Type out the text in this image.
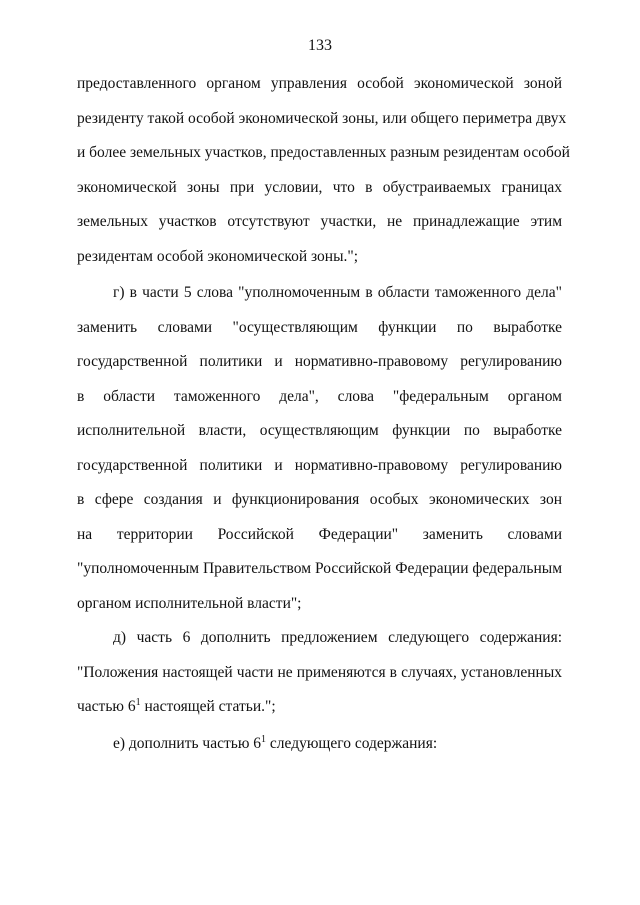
133
предоставленного органом управления особой экономической зоной
резиденту такой особой экономической зоны, или общего периметра двух
и более земельных участков, предоставленных разным резидентам особой
экономической зоны при условии, что в обустраиваемых границах
земельных участков отсутствуют участки, не принадлежащие этим
резидентам особой экономической зоны.";
г) в части 5 слова "уполномоченным в области таможенного дела"
заменить словами "осуществляющим функции по выработке
государственной политики и нормативно-правовому регулированию
в области таможенного дела", слова "федеральным органом
исполнительной власти, осуществляющим функции по выработке
государственной политики и нормативно-правовому регулированию
в сфере создания и функционирования особых экономических зон
на территории Российской Федерации" заменить словами
"уполномоченным Правительством Российской Федерации федеральным
органом исполнительной власти";
д) часть 6 дополнить предложением следующего содержания:
"Положения настоящей части не применяются в случаях, установленных
частью $6^1$ настоящей статьи.";
е) дополнить частью $6^1$ следующего содержания:
